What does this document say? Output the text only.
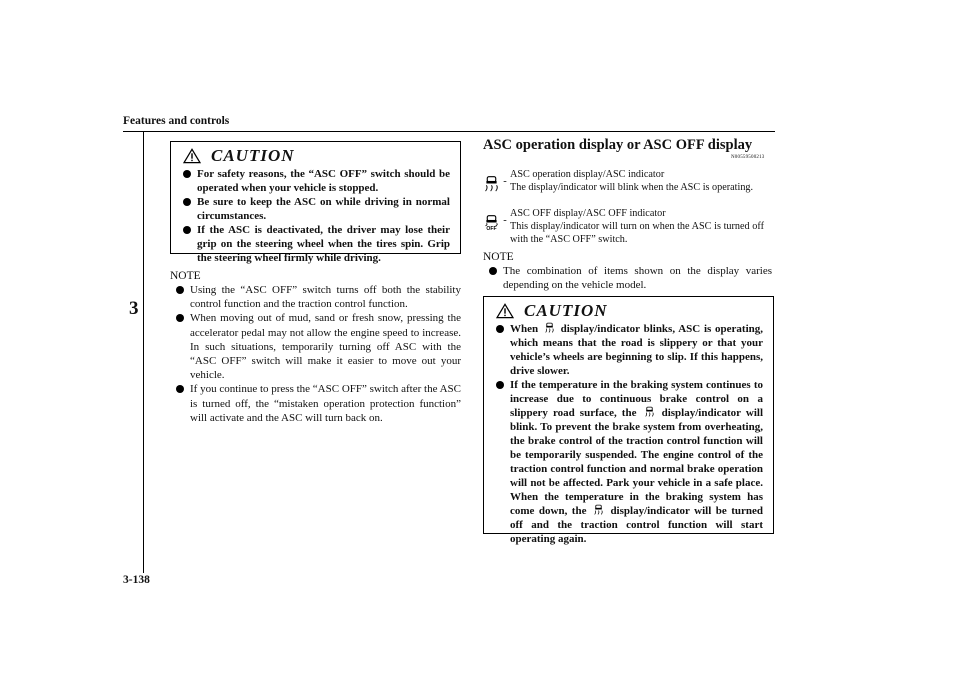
Features and controls
3
3-138
CAUTION
For safety reasons, the “ASC OFF” switch should be operated when your vehicle is stopped.
Be sure to keep the ASC on while driving in normal circumstances.
If the ASC is deactivated, the driver may lose their grip on the steering wheel when the tires spin. Grip the steering wheel firmly while driving.
NOTE
Using the “ASC OFF” switch turns off both the stability control function and the traction control function.
When moving out of mud, sand or fresh snow, pressing the accelerator pedal may not allow the engine speed to increase. In such situations, temporarily turning off ASC with the “ASC OFF” switch will make it easier to move out your vehicle.
If you continue to press the “ASC OFF” switch after the ASC is turned off, the “mistaken operation protection function” will activate and the ASC will turn back on.
ASC operation display or ASC OFF display
N00559500213
-
ASC operation display/ASC indicator
The display/indicator will blink when the ASC is operating.
OFF
-
ASC OFF display/ASC OFF indicator
This display/indicator will turn on when the ASC is turned off with the “ASC OFF” switch.
NOTE
The combination of items shown on the display varies depending on the vehicle model.
CAUTION
When display/indicator blinks, ASC is operating, which means that the road is slippery or that your vehicle’s wheels are beginning to slip. If this happens, drive slower.
If the temperature in the braking system continues to increase due to continuous brake control on a slippery road surface, the display/indicator will blink. To prevent the brake system from overheating, the brake control of the traction control function will be temporarily suspended. The engine control of the traction control function and normal brake operation will not be affected. Park your vehicle in a safe place. When the temperature in the braking system has come down, the display/indicator will be turned off and the traction control function will start operating again.
